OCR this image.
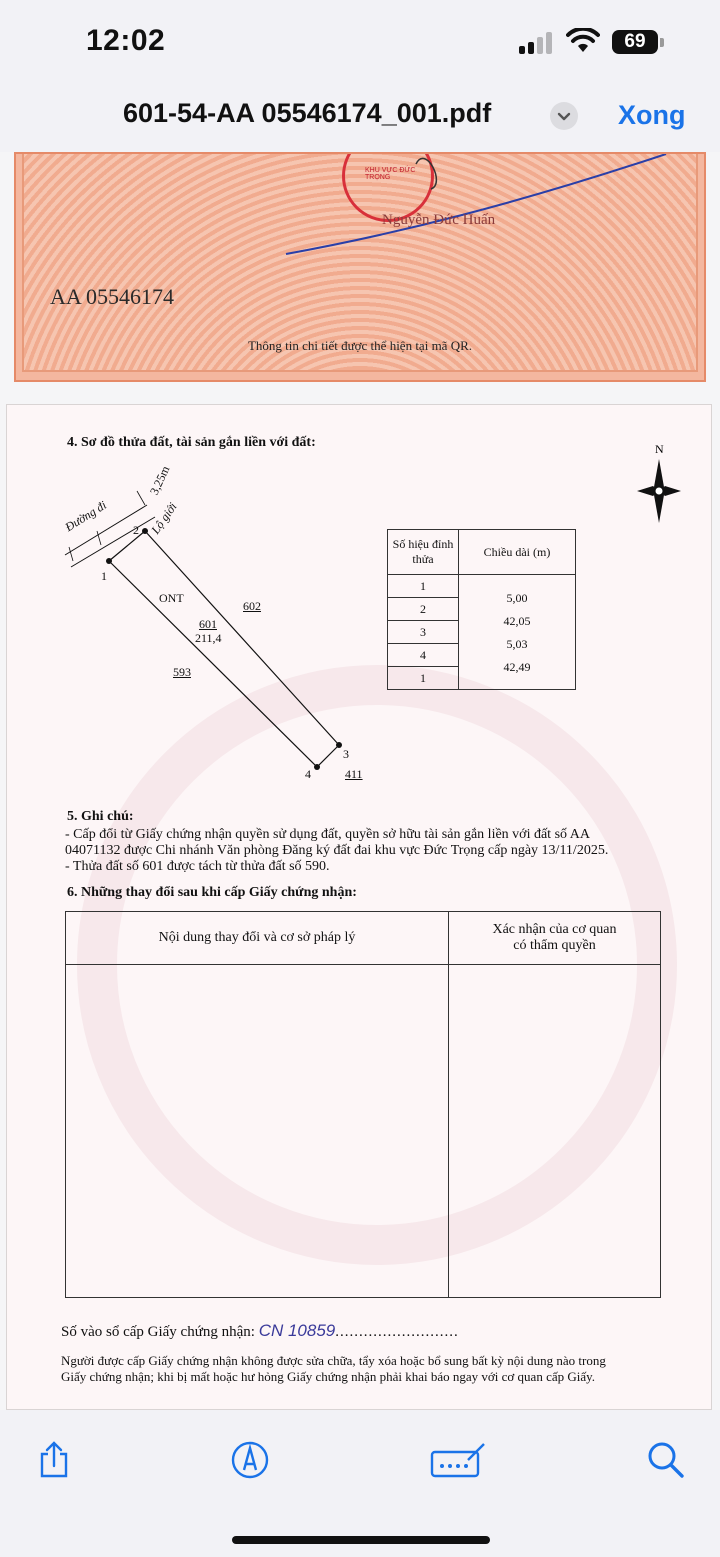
12:02	69
601-54-AA 05546174_001.pdf	Xong
KHU VỰC ĐỨC TRỌNG
Nguyễn Đức Huấn
AA 05546174
Thông tin chi tiết được thể hiện tại mã QR.
4. Sơ đồ thửa đất, tài sản gắn liền với đất:	N
Đường đi
3,25m
Lộ giới
1
2
3
4
ONT
601
211,4
602
593
411
Số hiệu đỉnh thửa	Chiều dài (m)
1	5,00
2	42,05
3	5,03
4	42,49
1	
5. Ghi chú:
- Cấp đổi từ Giấy chứng nhận quyền sử dụng đất, quyền sở hữu tài sản gắn liền với đất số AA
04071132 được Chi nhánh Văn phòng Đăng ký đất đai khu vực Đức Trọng cấp ngày 13/11/2025.
- Thửa đất số 601 được tách từ thửa đất số 590.
6. Những thay đổi sau khi cấp Giấy chứng nhận:
Nội dung thay đổi và cơ sở pháp lý	Xác nhận của cơ quan
có thẩm quyền

Số vào sổ cấp Giấy chứng nhận: CN 10859..........................
Người được cấp Giấy chứng nhận không được sửa chữa, tẩy xóa hoặc bổ sung bất kỳ nội dung nào trong
Giấy chứng nhận; khi bị mất hoặc hư hỏng Giấy chứng nhận phải khai báo ngay với cơ quan cấp Giấy.
